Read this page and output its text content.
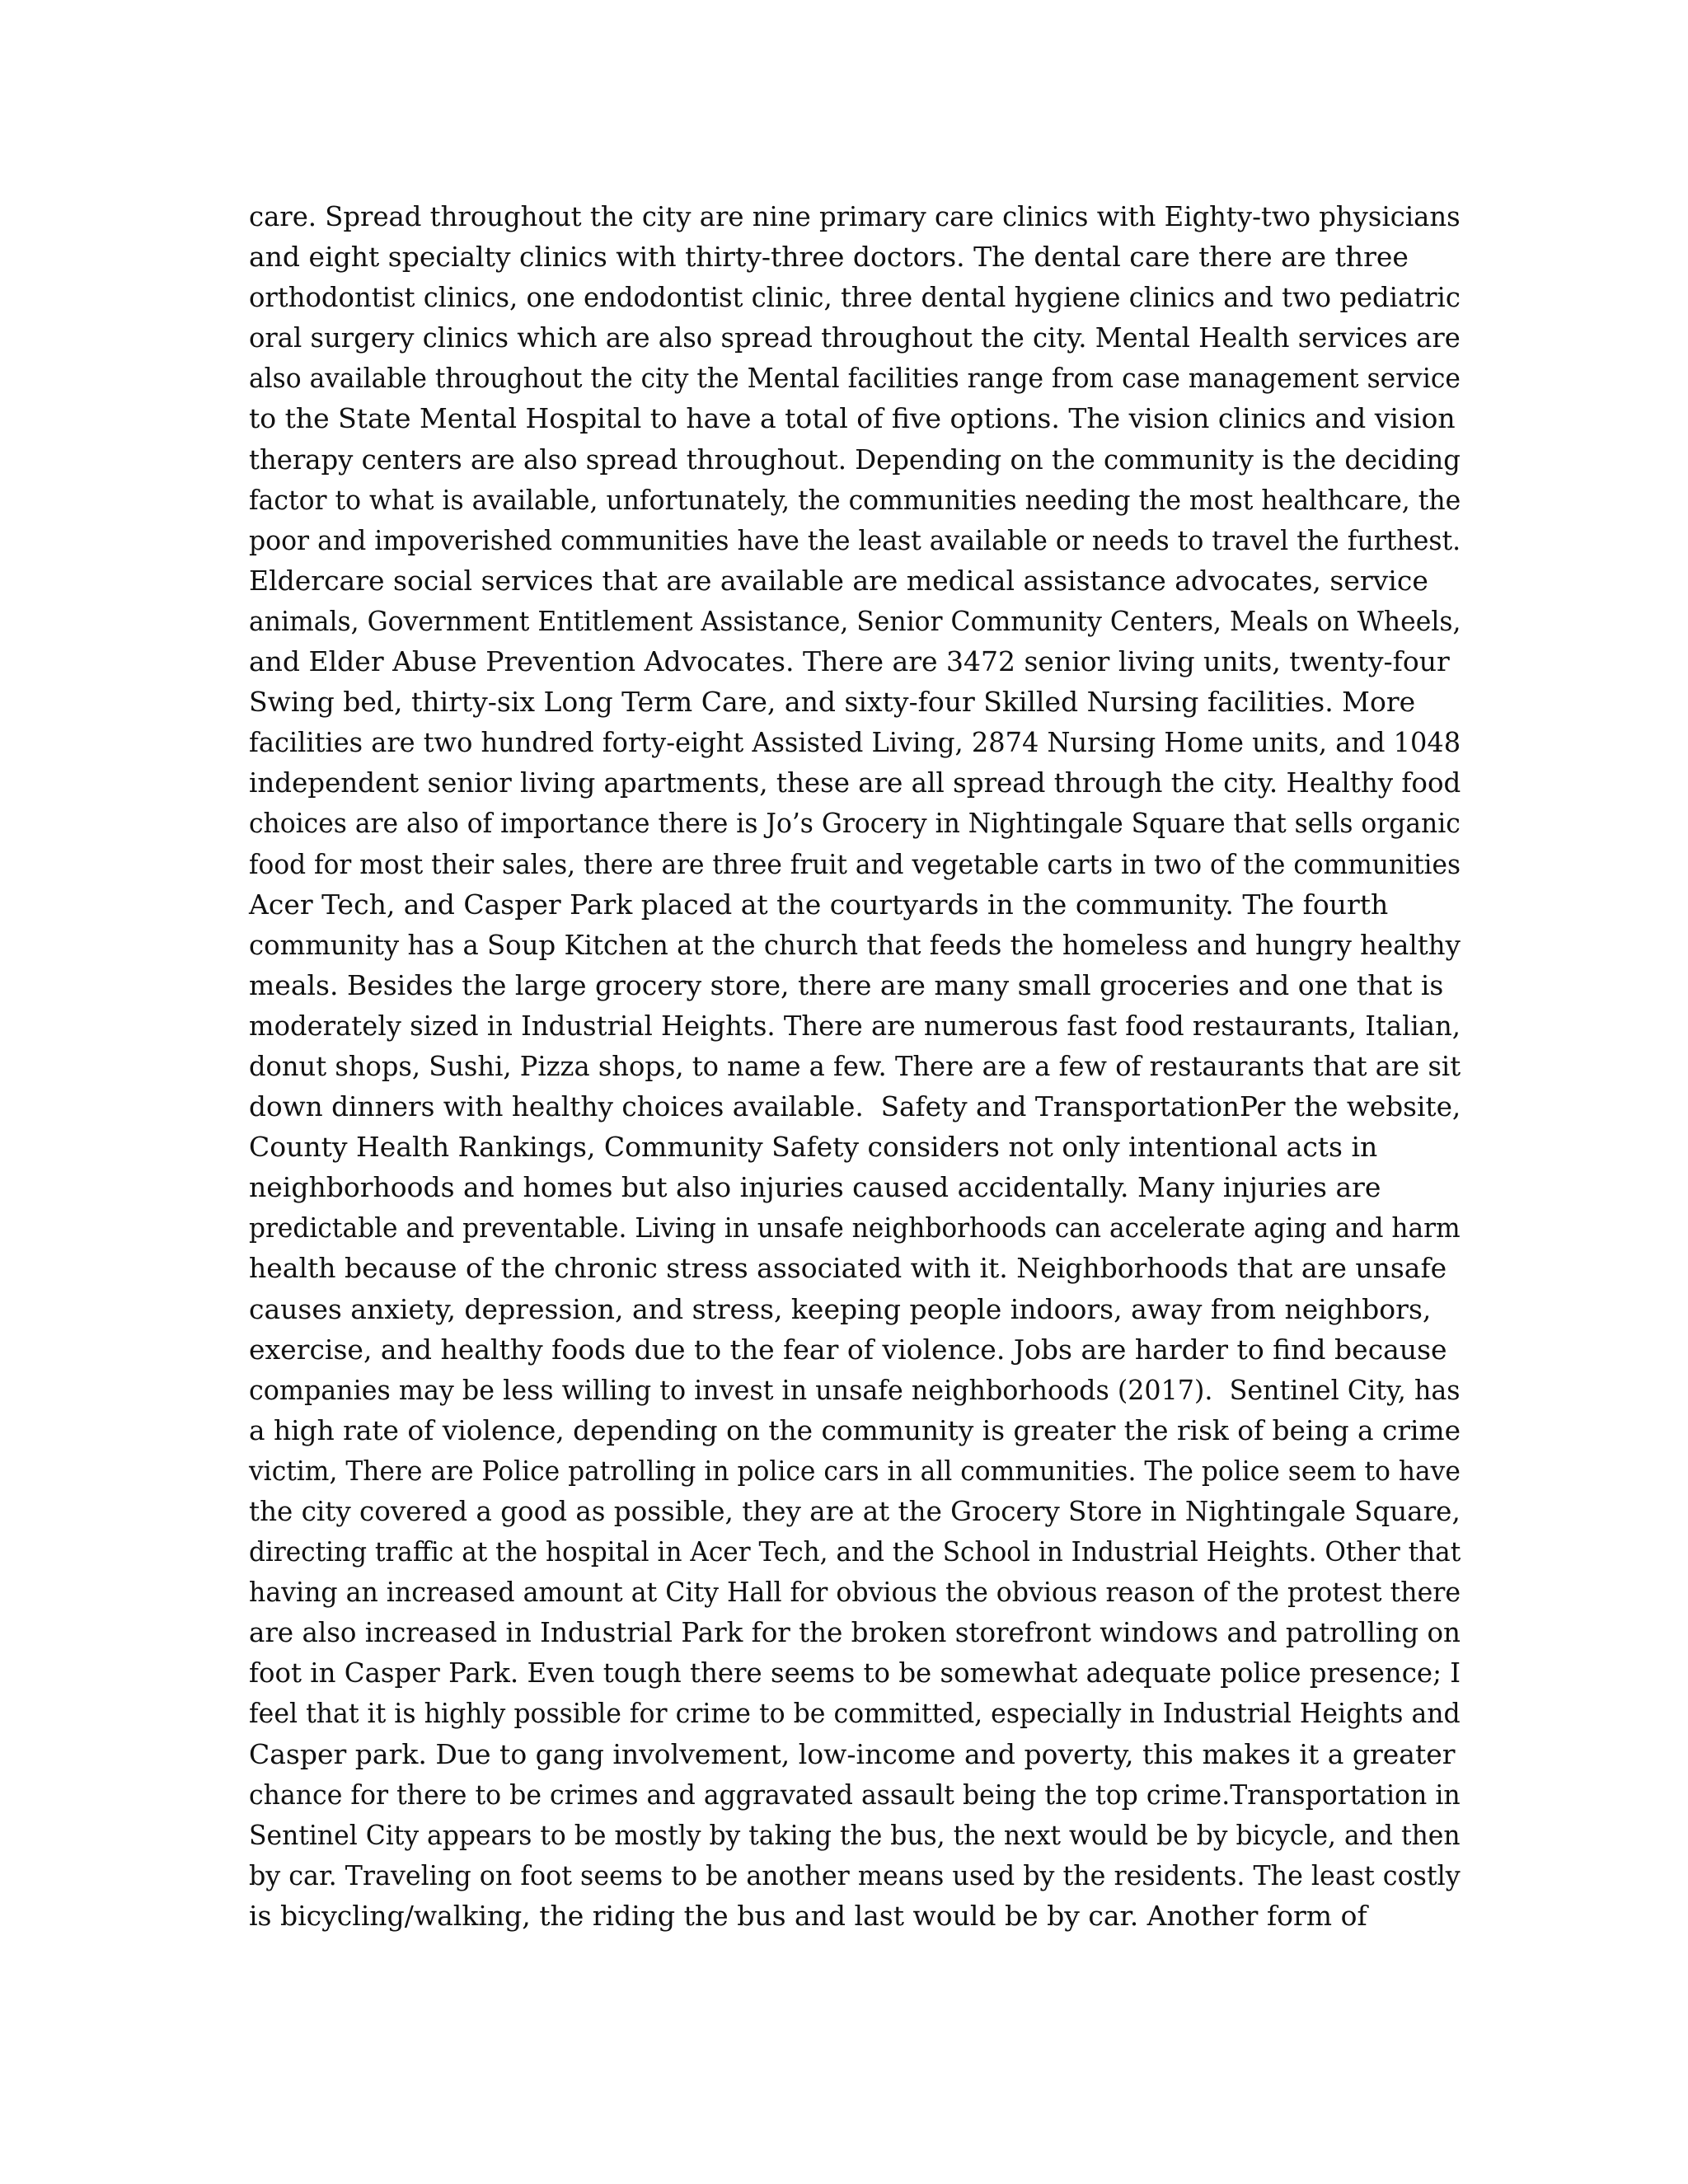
care. Spread throughout the city are nine primary care clinics with Eighty-two physicians
and eight specialty clinics with thirty-three doctors. The dental care there are three
orthodontist clinics, one endodontist clinic, three dental hygiene clinics and two pediatric
oral surgery clinics which are also spread throughout the city. Mental Health services are
also available throughout the city the Mental facilities range from case management service
to the State Mental Hospital to have a total of five options. The vision clinics and vision
therapy centers are also spread throughout. Depending on the community is the deciding
factor to what is available, unfortunately, the communities needing the most healthcare, the
poor and impoverished communities have the least available or needs to travel the furthest.
Eldercare social services that are available are medical assistance advocates, service
animals, Government Entitlement Assistance, Senior Community Centers, Meals on Wheels,
and Elder Abuse Prevention Advocates. There are 3472 senior living units, twenty-four
Swing bed, thirty-six Long Term Care, and sixty-four Skilled Nursing facilities. More
facilities are two hundred forty-eight Assisted Living, 2874 Nursing Home units, and 1048
independent senior living apartments, these are all spread through the city. Healthy food
choices are also of importance there is Jo’s Grocery in Nightingale Square that sells organic
food for most their sales, there are three fruit and vegetable carts in two of the communities
Acer Tech, and Casper Park placed at the courtyards in the community. The fourth
community has a Soup Kitchen at the church that feeds the homeless and hungry healthy
meals. Besides the large grocery store, there are many small groceries and one that is
moderately sized in Industrial Heights. There are numerous fast food restaurants, Italian,
donut shops, Sushi, Pizza shops, to name a few. There are a few of restaurants that are sit
down dinners with healthy choices available.  Safety and TransportationPer the website,
County Health Rankings, Community Safety considers not only intentional acts in
neighborhoods and homes but also injuries caused accidentally. Many injuries are
predictable and preventable. Living in unsafe neighborhoods can accelerate aging and harm
health because of the chronic stress associated with it. Neighborhoods that are unsafe
causes anxiety, depression, and stress, keeping people indoors, away from neighbors,
exercise, and healthy foods due to the fear of violence. Jobs are harder to find because
companies may be less willing to invest in unsafe neighborhoods (2017).  Sentinel City, has
a high rate of violence, depending on the community is greater the risk of being a crime
victim, There are Police patrolling in police cars in all communities. The police seem to have
the city covered a good as possible, they are at the Grocery Store in Nightingale Square,
directing traffic at the hospital in Acer Tech, and the School in Industrial Heights. Other that
having an increased amount at City Hall for obvious the obvious reason of the protest there
are also increased in Industrial Park for the broken storefront windows and patrolling on
foot in Casper Park. Even tough there seems to be somewhat adequate police presence; I
feel that it is highly possible for crime to be committed, especially in Industrial Heights and
Casper park. Due to gang involvement, low-income and poverty, this makes it a greater
chance for there to be crimes and aggravated assault being the top crime.Transportation in
Sentinel City appears to be mostly by taking the bus, the next would be by bicycle, and then
by car. Traveling on foot seems to be another means used by the residents. The least costly
is bicycling/walking, the riding the bus and last would be by car. Another form of
